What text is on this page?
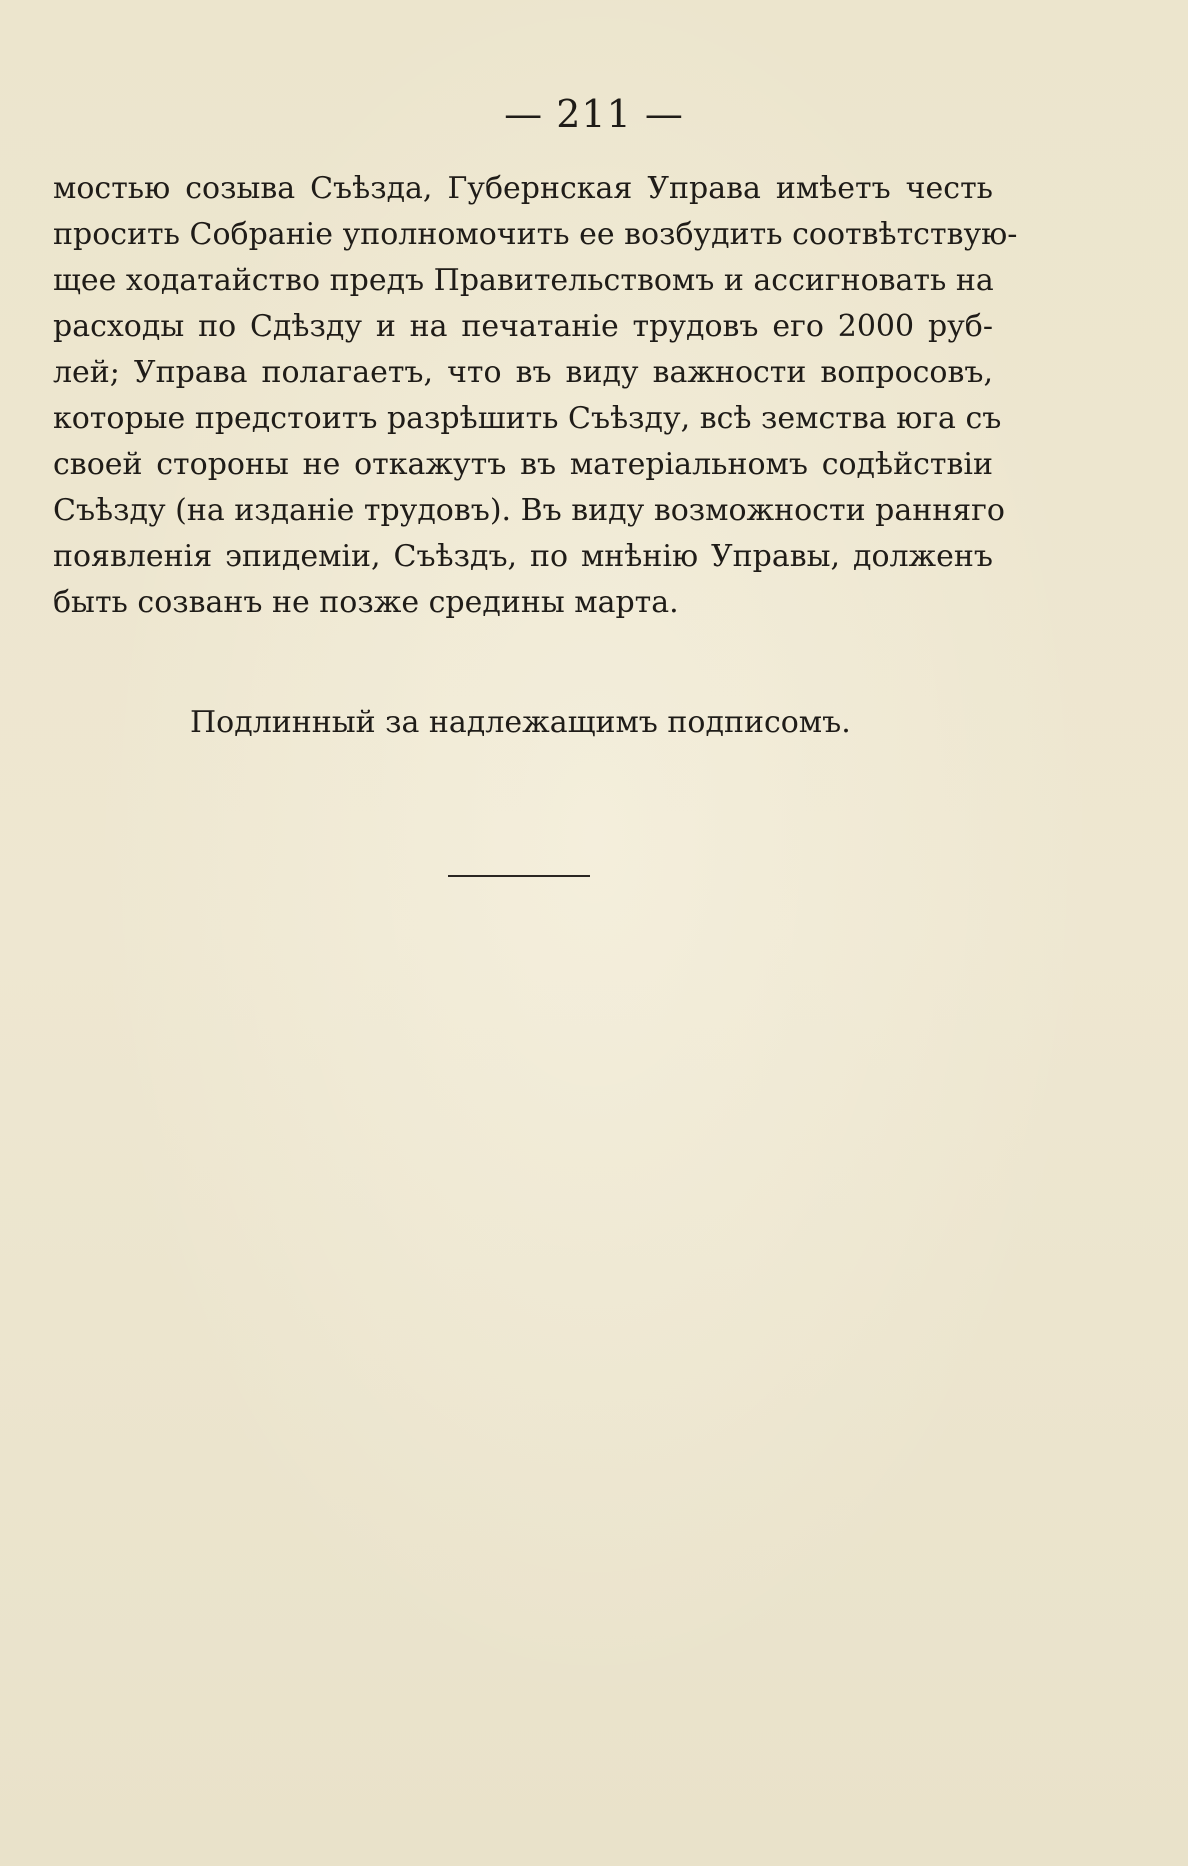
— 211 —
мостью созыва Съѣзда, Губернская Управа имѣетъ честь
просить Собраніе уполномочить ее возбудить соотвѣтствую-
щее ходатайство предъ Правительствомъ и ассигновать на
расходы по Сдѣзду и на печатаніе трудовъ его 2000 руб-
лей; Управа полагаетъ, что въ виду важности вопросовъ,
которые предстоитъ разрѣшить Съѣзду, всѣ земства юга съ
своей стороны не откажутъ въ матеріальномъ содѣйствіи
Съѣзду (на изданіе трудовъ). Въ виду возможности ранняго
появленія эпидеміи, Съѣздъ, по мнѣнію Управы, долженъ
быть созванъ не позже средины марта.
Подлинный за надлежащимъ подписомъ.
